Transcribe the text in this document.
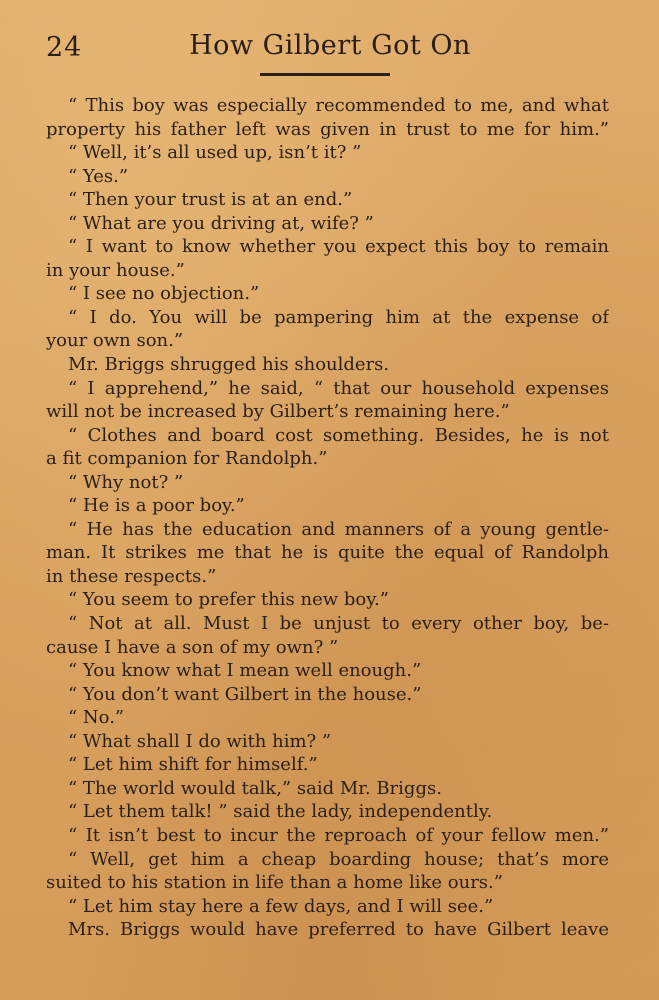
24	How Gilbert Got On
“ This boy was especially recommended to me, and what
property his father left was given in trust to me for him.”
“ Well, it’s all used up, isn’t it? ”
“ Yes.”
“ Then your trust is at an end.”
“ What are you driving at, wife? ”
“ I want to know whether you expect this boy to remain
in your house.”
“ I see no objection.”
“ I do. You will be pampering him at the expense of
your own son.”
Mr. Briggs shrugged his shoulders.
“ I apprehend,” he said, “ that our household expenses
will not be increased by Gilbert’s remaining here.”
“ Clothes and board cost something. Besides, he is not
a fit companion for Randolph.”
“ Why not? ”
“ He is a poor boy.”
“ He has the education and manners of a young gentle-
man. It strikes me that he is quite the equal of Randolph
in these respects.”
“ You seem to prefer this new boy.”
“ Not at all. Must I be unjust to every other boy, be-
cause I have a son of my own? ”
“ You know what I mean well enough.”
“ You don’t want Gilbert in the house.”
“ No.”
“ What shall I do with him? ”
“ Let him shift for himself.”
“ The world would talk,” said Mr. Briggs.
“ Let them talk! ” said the lady, independently.
“ It isn’t best to incur the reproach of your fellow men.”
“ Well, get him a cheap boarding house; that’s more
suited to his station in life than a home like ours.”
“ Let him stay here a few days, and I will see.”
Mrs. Briggs would have preferred to have Gilbert leave
